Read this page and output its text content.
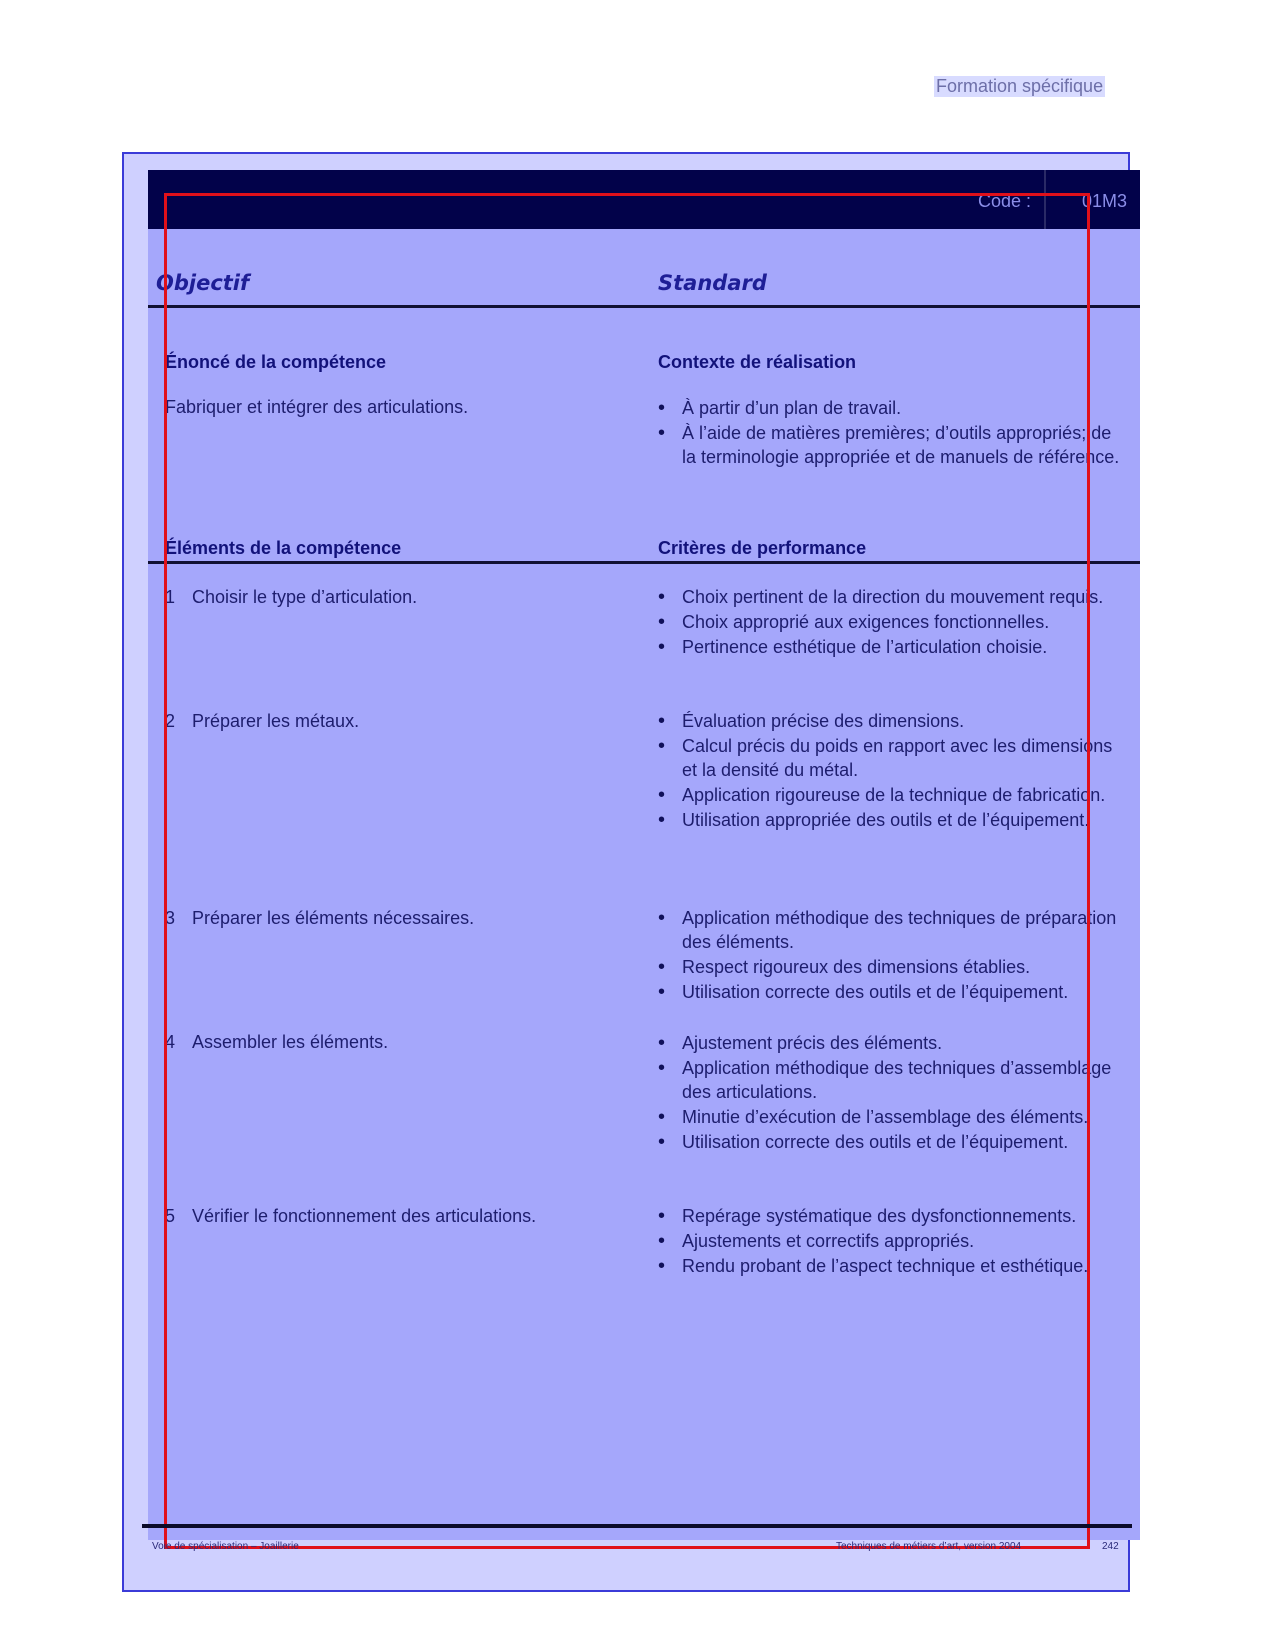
Formation spécifique
Code :	01M3
Objectif	Standard
Énoncé de la compétence	Contexte de réalisation
Fabriquer et intégrer des articulations.	• À partir d’un plan de travail.
• À l’aide de matières premières; d’outils appropriés; de la terminologie appropriée et de manuels de référence.
Éléments de la compétence	Critères de performance
1 Choisir le type d’articulation.	• Choix pertinent de la direction du mouvement requis.
• Choix approprié aux exigences fonctionnelles.
• Pertinence esthétique de l’articulation choisie.
2 Préparer les métaux.	• Évaluation précise des dimensions.
• Calcul précis du poids en rapport avec les dimensions et la densité du métal.
• Application rigoureuse de la technique de fabrication.
• Utilisation appropriée des outils et de l’équipement.
3 Préparer les éléments nécessaires.	• Application méthodique des techniques de préparation des éléments.
• Respect rigoureux des dimensions établies.
• Utilisation correcte des outils et de l’équipement.
4 Assembler les éléments.	• Ajustement précis des éléments.
• Application méthodique des techniques d’assemblage des articulations.
• Minutie d’exécution de l’assemblage des éléments.
• Utilisation correcte des outils et de l’équipement.
5 Vérifier le fonctionnement des articulations.	• Repérage systématique des dysfonctionnements.
• Ajustements et correctifs appropriés.
• Rendu probant de l’aspect technique et esthétique.
Voie de spécialisation – Joaillerie	Techniques de métiers d’art, version 2004	242
